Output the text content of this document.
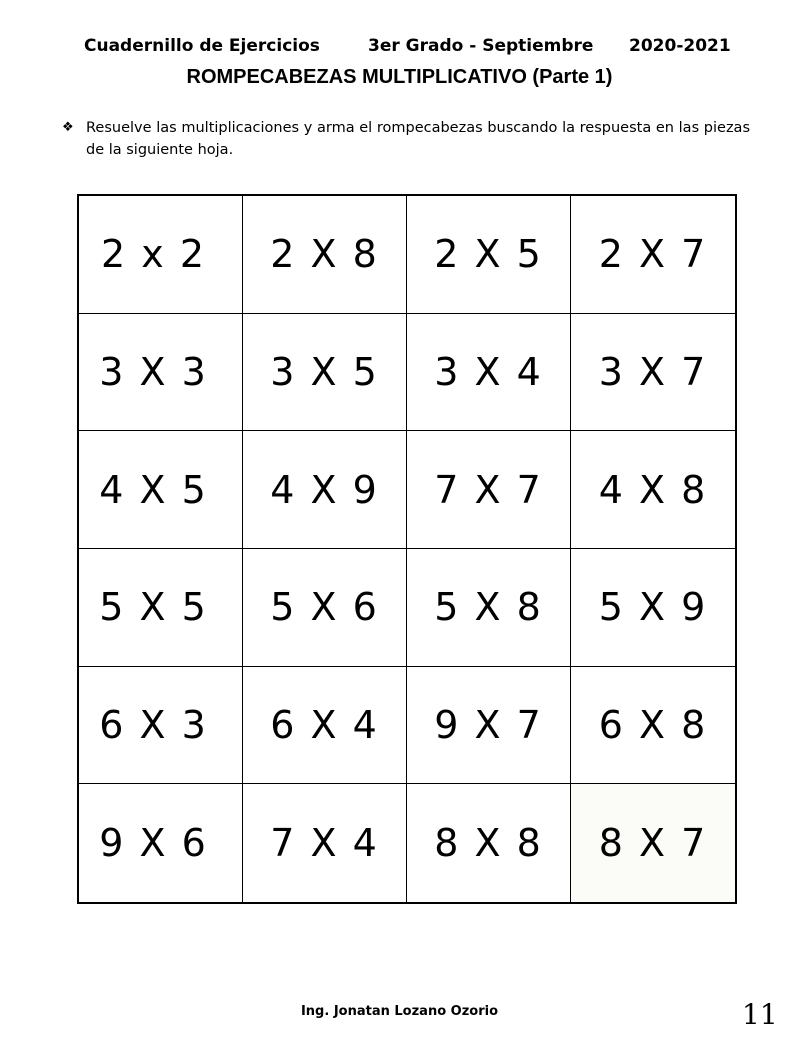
Cuadernillo de Ejercicios	3er Grado - Septiembre 2020-2021
ROMPECABEZAS MULTIPLICATIVO (Parte 1)
❖ Resuelve las multiplicaciones y arma el rompecabezas buscando la respuesta en las piezas de la siguiente hoja.
2 x 2	2 X 8	2 X 5	2 X 7
3 X 3	3 X 5	3 X 4	3 X 7
4 X 5	4 X 9	7 X 7	4 X 8
5 X 5	5 X 6	5 X 8	5 X 9
6 X 3	6 X 4	9 X 7	6 X 8
9 X 6	7 X 4	8 X 8	8 X 7
Ing. Jonatan Lozano Ozorio	11
